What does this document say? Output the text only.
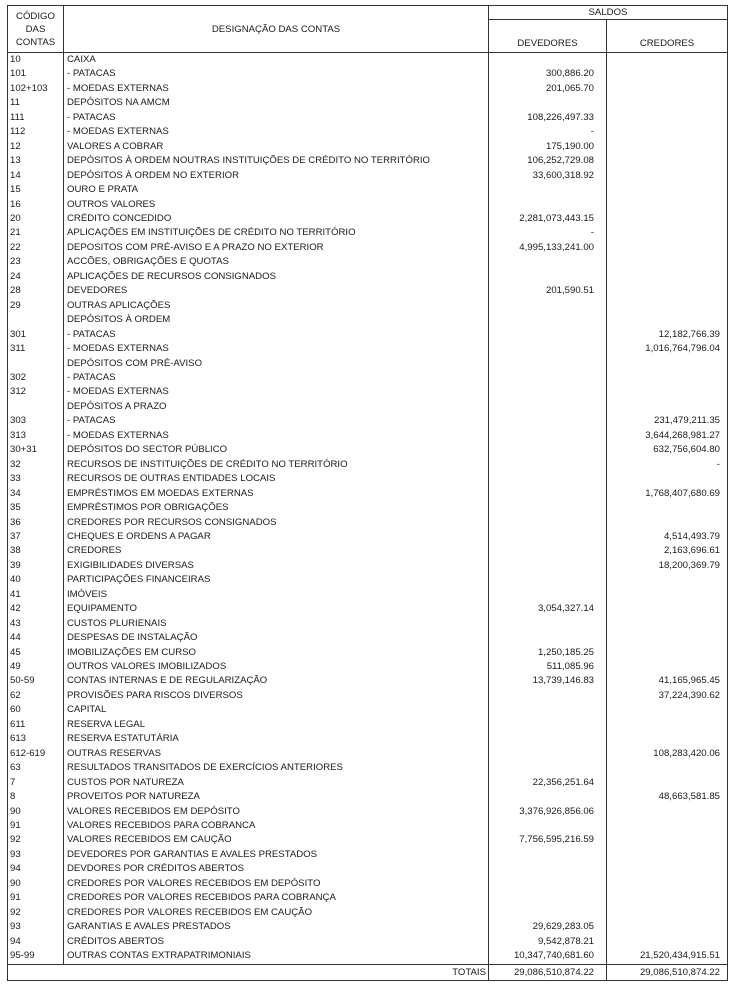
CÓDIGO
DAS
CONTAS	DESIGNAÇÃO DAS CONTAS	SALDOS	
		DEVEDORES	CREDORES
10	CAIXA		
101	- PATACAS	300,886.20	
102+103	- MOEDAS EXTERNAS	201,065.70	
11	DEPÓSITOS NA AMCM		
111	- PATACAS	108,226,497.33	
112	- MOEDAS EXTERNAS	-	
12	VALORES A COBRAR	175,190.00	
13	DEPÓSITOS À ORDEM NOUTRAS INSTITUIÇÕES DE CRÉDITO NO TERRITÓRIO	106,252,729.08	
14	DEPÓSITOS À ORDEM NO EXTERIOR	33,600,318.92	
15	OURO E PRATA		
16	OUTROS VALORES		
20	CRÉDITO CONCEDIDO	2,281,073,443.15	
21	APLICAÇÕES EM INSTITUIÇÕES DE CRÉDITO NO TERRITÓRIO	-	
22	DEPOSITOS COM PRÉ-AVISO E A PRAZO NO EXTERIOR	4,995,133,241.00	
23	ACCÕES, OBRIGAÇÕES E QUOTAS		
24	APLICAÇÕES DE RECURSOS CONSIGNADOS		
28	DEVEDORES	201,590.51	
29	OUTRAS APLICAÇÕES		
	DEPÓSITOS À ORDEM		
301	- PATACAS		12,182,766.39
311	- MOEDAS EXTERNAS		1,016,764,796.04
	DEPÓSITOS COM PRÉ-AVISO		
302	- PATACAS		
312	- MOEDAS EXTERNAS		
	DEPÓSITOS A PRAZO		
303	- PATACAS		231,479,211.35
313	- MOEDAS EXTERNAS		3,644,268,981.27
30+31	DEPÓSITOS DO SECTOR PÚBLICO		632,756,604.80
32	RECURSOS DE INSTITUIÇÕES DE CRÉDITO NO TERRITÓRIO		-
33	RECURSOS DE OUTRAS ENTIDADES LOCAIS		
34	EMPRÉSTIMOS EM MOEDAS EXTERNAS		1,768,407,680.69
35	EMPRÉSTIMOS POR OBRIGAÇÕES		
36	CREDORES POR RECURSOS CONSIGNADOS		
37	CHEQUES E ORDENS A PAGAR		4,514,493.79
38	CREDORES		2,163,696.61
39	EXIGIBILIDADES DIVERSAS		18,200,369.79
40	PARTICIPAÇÕES FINANCEIRAS		
41	IMÓVEIS		
42	EQUIPAMENTO	3,054,327.14	
43	CUSTOS PLURIENAIS		
44	DESPESAS DE INSTALAÇÃO		
45	IMOBILIZAÇÕES EM CURSO	1,250,185.25	
49	OUTROS VALORES IMOBILIZADOS	511,085.96	
50-59	CONTAS INTERNAS E DE REGULARIZAÇÃO	13,739,146.83	41,165,965.45
62	PROVISÕES PARA RISCOS DIVERSOS		37,224,390.62
60	CAPITAL		
611	RESERVA LEGAL		
613	RESERVA ESTATUTÁRIA		
612-619	OUTRAS RESERVAS		108,283,420.06
63	RESULTADOS TRANSITADOS DE EXERCÍCIOS ANTERIORES		
7	CUSTOS POR NATUREZA	22,356,251.64	
8	PROVEITOS POR NATUREZA		48,663,581.85
90	VALORES RECEBIDOS EM DEPÓSITO	3,376,926,856.06	
91	VALORES RECEBIDOS PARA COBRANCA		
92	VALORES RECEBIDOS EM CAUÇÃO	7,756,595,216.59	
93	DEVEDORES POR GARANTIAS E AVALES PRESTADOS		
94	DEVDORES POR CRÉDITOS ABERTOS		
90	CREDORES POR VALORES RECEBIDOS EM DEPÓSITO		
91	CREDORES POR VALORES RECEBIDOS PARA COBRANÇA		
92	CREDORES POR VALORES RECEBIDOS EM CAUÇÃO		
93	GARANTIAS E AVALES PRESTADOS	29,629,283.05	
94	CRÉDITOS ABERTOS	9,542,878.21	
95-99	OUTRAS CONTAS EXTRAPATRIMONIAIS	10,347,740,681.60	21,520,434,915.51
	TOTAIS	29,086,510,874.22	29,086,510,874.22
